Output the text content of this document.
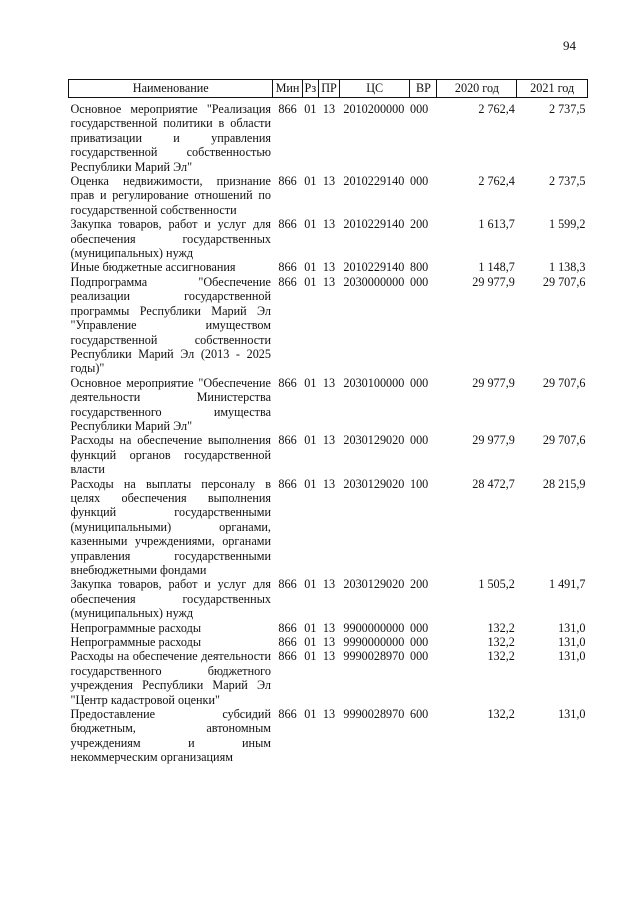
94
Наименование	Мин	Рз	ПР	ЦС	ВР	2020 год	2021 год
Основное мероприятие "Реализация государственной политики в области приватизации и управления государственной собственностью Республики Марий Эл"	866	01	13	2010200000	000	2 762,4	2 737,5
Оценка недвижимости, признание прав и регулирование отношений по государственной собственности	866	01	13	2010229140	000	2 762,4	2 737,5
Закупка товаров, работ и услуг для обеспечения государственных (муниципальных) нужд	866	01	13	2010229140	200	1 613,7	1 599,2
Иные бюджетные ассигнования	866	01	13	2010229140	800	1 148,7	1 138,3
Подпрограмма "Обеспечение реализации государственной программы Республики Марий Эл "Управление имуществом государственной собственности Республики Марий Эл (2013 - 2025 годы)"	866	01	13	2030000000	000	29 977,9	29 707,6
Основное мероприятие "Обеспечение деятельности Министерства государственного имущества Республики Марий Эл"	866	01	13	2030100000	000	29 977,9	29 707,6
Расходы на обеспечение выполнения функций органов государственной власти	866	01	13	2030129020	000	29 977,9	29 707,6
Расходы на выплаты персоналу в целях обеспечения выполнения функций государственными (муниципальными) органами, казенными учреждениями, органами управления государственными внебюджетными фондами	866	01	13	2030129020	100	28 472,7	28 215,9
Закупка товаров, работ и услуг для обеспечения государственных (муниципальных) нужд	866	01	13	2030129020	200	1 505,2	1 491,7
Непрограммные расходы	866	01	13	9900000000	000	132,2	131,0
Непрограммные расходы	866	01	13	9990000000	000	132,2	131,0
Расходы на обеспечение деятельности государственного бюджетного учреждения Республики Марий Эл "Центр кадастровой оценки"	866	01	13	9990028970	000	132,2	131,0
Предоставление субсидий бюджетным, автономным учреждениям и иным некоммерческим организациям	866	01	13	9990028970	600	132,2	131,0
